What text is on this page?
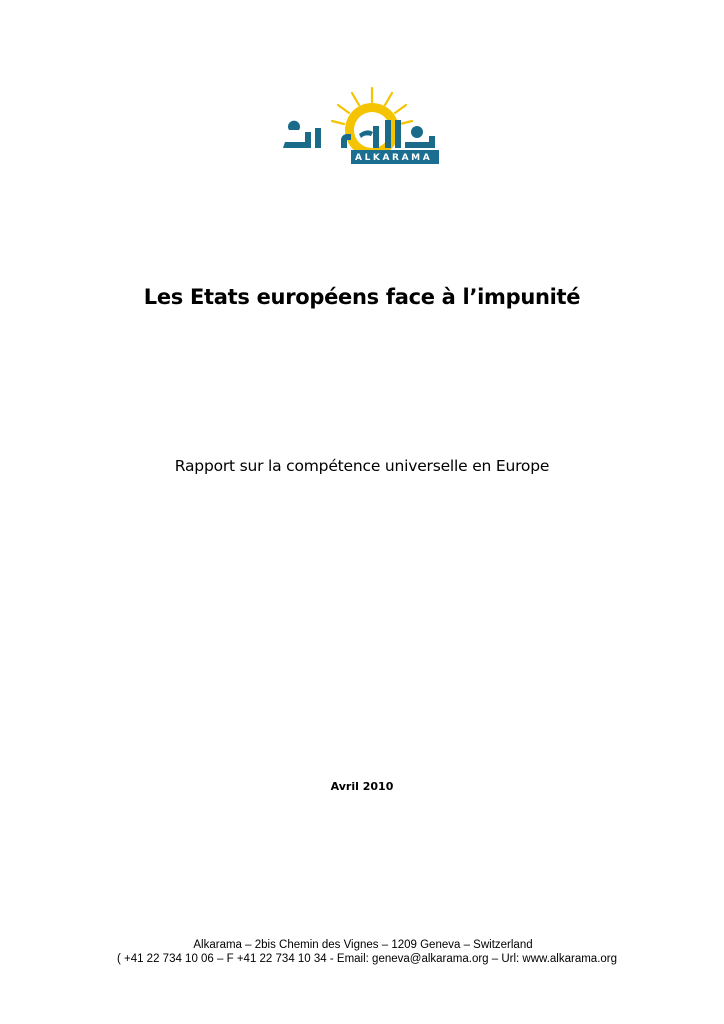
ALKARAMA
Les Etats européens face à l’impunité
Rapport sur la compétence universelle en Europe
Avril 2010
Alkarama – 2bis Chemin des Vignes – 1209 Geneva – Switzerland
( +41 22 734 10 06 – F +41 22 734 10 34 - Email: geneva@alkarama.org – Url: www.alkarama.org
